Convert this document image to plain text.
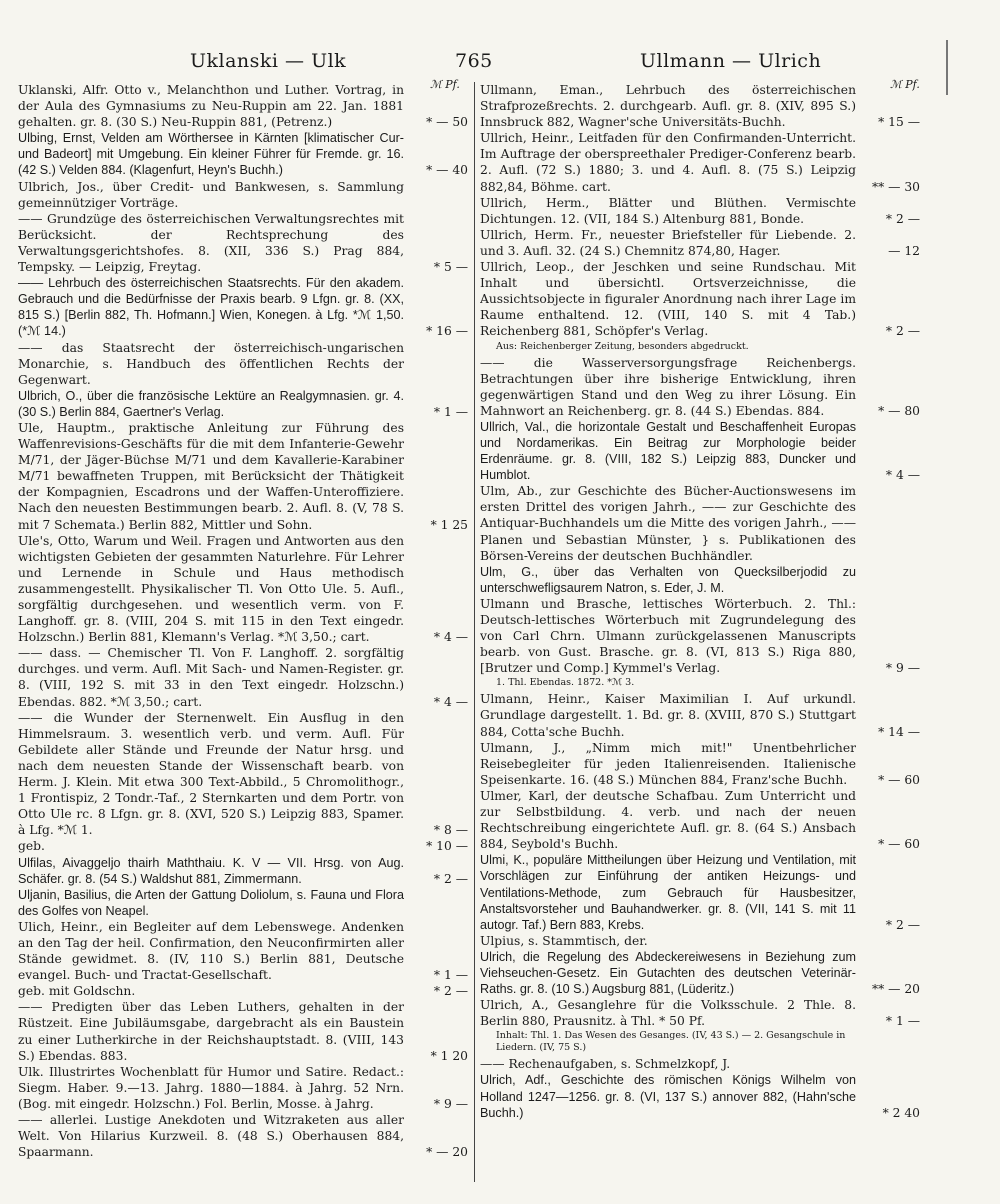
Uklanski — Ulk	765	Ullmann — Ulrich
ℳ Pf.	ℳ Pf.
Uklanski, Alfr. Otto v., Melanchthon und Luther. Vortrag, in der Aula des Gymnasiums zu Neu-Ruppin am 22. Jan. 1881 gehalten. gr. 8. (30 S.) Neu-Ruppin 881, (Petrenz.)	* — 50
Ulbing, Ernst, Velden am Wörthersee in Kärnten [klimatischer Cur- und Badeort] mit Umgebung. Ein kleiner Führer für Fremde. gr. 16. (42 S.) Velden 884. (Klagenfurt, Heyn's Buchh.)	* — 40
Ulbrich, Jos., über Credit- und Bankwesen, s. Sammlung gemeinnütziger Vorträge.
—— Grundzüge des österreichischen Verwaltungsrechtes mit Berücksicht. der Rechtsprechung des Verwaltungsgerichtshofes. 8. (XII, 336 S.) Prag 884, Tempsky. — Leipzig, Freytag.	* 5 —
—— Lehrbuch des österreichischen Staatsrechts. Für den akadem. Gebrauch und die Bedürfnisse der Praxis bearb. 9 Lfgn. gr. 8. (XX, 815 S.) [Berlin 882, Th. Hofmann.] Wien, Konegen. à Lfg. *ℳ 1,50. (*ℳ 14.)	* 16 —
—— das Staatsrecht der österreichisch-ungarischen Monarchie, s. Handbuch des öffentlichen Rechts der Gegenwart.
Ulbrich, O., über die französische Lektüre an Realgymnasien. gr. 4. (30 S.) Berlin 884, Gaertner's Verlag.	* 1 —
Ule, Hauptm., praktische Anleitung zur Führung des Waffenrevisions-Geschäfts für die mit dem Infanterie-Gewehr M/71, der Jäger-Büchse M/71 und dem Kavallerie-Karabiner M/71 bewaffneten Truppen, mit Berücksicht der Thätigkeit der Kompagnien, Escadrons und der Waffen-Unteroffiziere. Nach den neuesten Bestimmungen bearb. 2. Aufl. 8. (V, 78 S. mit 7 Schemata.) Berlin 882, Mittler und Sohn.	* 1 25
Ule's, Otto, Warum und Weil. Fragen und Antworten aus den wichtigsten Gebieten der gesammten Naturlehre. Für Lehrer und Lernende in Schule und Haus methodisch zusammengestellt. Physikalischer Tl. Von Otto Ule. 5. Aufl., sorgfältig durchgesehen. und wesentlich verm. von F. Langhoff. gr. 8. (VIII, 204 S. mit 115 in den Text eingedr. Holzschn.) Berlin 881, Klemann's Verlag. *ℳ 3,50.; cart.	* 4 —
—— dass. — Chemischer Tl. Von F. Langhoff. 2. sorgfältig durchges. und verm. Aufl. Mit Sach- und Namen-Register. gr. 8. (VIII, 192 S. mit 33 in den Text eingedr. Holzschn.) Ebendas. 882. *ℳ 3,50.; cart.	* 4 —
—— die Wunder der Sternenwelt. Ein Ausflug in den Himmelsraum. 3. wesentlich verb. und verm. Aufl. Für Gebildete aller Stände und Freunde der Natur hrsg. und nach dem neuesten Stande der Wissenschaft bearb. von Herm. J. Klein. Mit etwa 300 Text-Abbild., 5 Chromolithogr., 1 Frontispiz, 2 Tondr.-Taf., 2 Sternkarten und dem Portr. von Otto Ule rc. 8 Lfgn. gr. 8. (XVI, 520 S.) Leipzig 883, Spamer. à Lfg. *ℳ 1.	* 8 —
geb.	* 10 —
Ulfilas, Aivaggeljo thairh Maththaiu. K. V — VII. Hrsg. von Aug. Schäfer. gr. 8. (54 S.) Waldshut 881, Zimmermann.	* 2 —
Uljanin, Basilius, die Arten der Gattung Doliolum, s. Fauna und Flora des Golfes von Neapel.
Ulich, Heinr., ein Begleiter auf dem Lebenswege. Andenken an den Tag der heil. Confirmation, den Neuconfirmirten aller Stände gewidmet. 8. (IV, 110 S.) Berlin 881, Deutsche evangel. Buch- und Tractat-Gesellschaft.	* 1 —
geb. mit Goldschn.	* 2 —
—— Predigten über das Leben Luthers, gehalten in der Rüstzeit. Eine Jubiläumsgabe, dargebracht als ein Baustein zu einer Lutherkirche in der Reichshauptstadt. 8. (VIII, 143 S.) Ebendas. 883.	* 1 20
Ulk. Illustrirtes Wochenblatt für Humor und Satire. Redact.: Siegm. Haber. 9.—13. Jahrg. 1880—1884. à Jahrg. 52 Nrn. (Bog. mit eingedr. Holzschn.) Fol. Berlin, Mosse. à Jahrg.	* 9 —
—— allerlei. Lustige Anekdoten und Witzraketen aus aller Welt. Von Hilarius Kurzweil. 8. (48 S.) Oberhausen 884, Spaarmann.	* — 20
Ullmann, Eman., Lehrbuch des österreichischen Strafprozeßrechts. 2. durchgearb. Aufl. gr. 8. (XIV, 895 S.) Innsbruck 882, Wagner'sche Universitäts-Buchh.	* 15 —
Ullrich, Heinr., Leitfaden für den Confirmanden-Unterricht. Im Auftrage der oberspreethaler Prediger-Conferenz bearb. 2. Aufl. (72 S.) 1880; 3. und 4. Aufl. 8. (75 S.) Leipzig 882,84, Böhme. cart.	** — 30
Ullrich, Herm., Blätter und Blüthen. Vermischte Dichtungen. 12. (VII, 184 S.) Altenburg 881, Bonde.	* 2 —
Ullrich, Herm. Fr., neuester Briefsteller für Liebende. 2. und 3. Aufl. 32. (24 S.) Chemnitz 874,80, Hager.	— 12
Ullrich, Leop., der Jeschken und seine Rundschau. Mit Inhalt und übersichtl. Ortsverzeichnisse, die Aussichtsobjecte in figuraler Anordnung nach ihrer Lage im Raume enthaltend. 12. (VIII, 140 S. mit 4 Tab.) Reichenberg 881, Schöpfer's Verlag.	* 2 —
Aus: Reichenberger Zeitung, besonders abgedruckt.
—— die Wasserversorgungsfrage Reichenbergs. Betrachtungen über ihre bisherige Entwicklung, ihren gegenwärtigen Stand und den Weg zu ihrer Lösung. Ein Mahnwort an Reichenberg. gr. 8. (44 S.) Ebendas. 884.	* — 80
Ullrich, Val., die horizontale Gestalt und Beschaffenheit Europas und Nordamerikas. Ein Beitrag zur Morphologie beider Erdenräume. gr. 8. (VIII, 182 S.) Leipzig 883, Duncker und Humblot.	* 4 —
Ulm, Ab., zur Geschichte des Bücher-Auctionswesens im ersten Drittel des vorigen Jahrh., —— zur Geschichte des Antiquar-Buchhandels um die Mitte des vorigen Jahrh., —— Planen und Sebastian Münster, } s. Publikationen des Börsen-Vereins der deutschen Buchhändler.
Ulm, G., über das Verhalten von Quecksilberjodid zu unterschwefligsaurem Natron, s. Eder, J. M.
Ulmann und Brasche, lettisches Wörterbuch. 2. Thl.: Deutsch-lettisches Wörterbuch mit Zugrundelegung des von Carl Chrn. Ulmann zurückgelassenen Manuscripts bearb. von Gust. Brasche. gr. 8. (VI, 813 S.) Riga 880, [Brutzer und Comp.] Kymmel's Verlag.	* 9 —
1. Thl. Ebendas. 1872. *ℳ 3.
Ulmann, Heinr., Kaiser Maximilian I. Auf urkundl. Grundlage dargestellt. 1. Bd. gr. 8. (XVIII, 870 S.) Stuttgart 884, Cotta'sche Buchh.	* 14 —
Ulmann, J., „Nimm mich mit!" Unentbehrlicher Reisebegleiter für jeden Italienreisenden. Italienische Speisenkarte. 16. (48 S.) München 884, Franz'sche Buchh.	* — 60
Ulmer, Karl, der deutsche Schafbau. Zum Unterricht und zur Selbstbildung. 4. verb. und nach der neuen Rechtschreibung eingerichtete Aufl. gr. 8. (64 S.) Ansbach 884, Seybold's Buchh.	* — 60
Ulmi, K., populäre Mittheilungen über Heizung und Ventilation, mit Vorschlägen zur Einführung der antiken Heizungs- und Ventilations-Methode, zum Gebrauch für Hausbesitzer, Anstaltsvorsteher und Bauhandwerker. gr. 8. (VII, 141 S. mit 11 autogr. Taf.) Bern 883, Krebs.	* 2 —
Ulpius, s. Stammtisch, der.
Ulrich, die Regelung des Abdeckereiwesens in Beziehung zum Viehseuchen-Gesetz. Ein Gutachten des deutschen Veterinär-Raths. gr. 8. (10 S.) Augsburg 881, (Lüderitz.)	** — 20
Ulrich, A., Gesanglehre für die Volksschule. 2 Thle. 8. Berlin 880, Prausnitz. à Thl. * 50 Pf.	* 1 —
Inhalt: Thl. 1. Das Wesen des Gesanges. (IV, 43 S.) — 2. Gesangschule in Liedern. (IV, 75 S.)
—— Rechenaufgaben, s. Schmelzkopf, J.
Ulrich, Adf., Geschichte des römischen Königs Wilhelm von Holland 1247—1256. gr. 8. (VI, 137 S.) annover 882, (Hahn'sche Buchh.)	* 2 40
